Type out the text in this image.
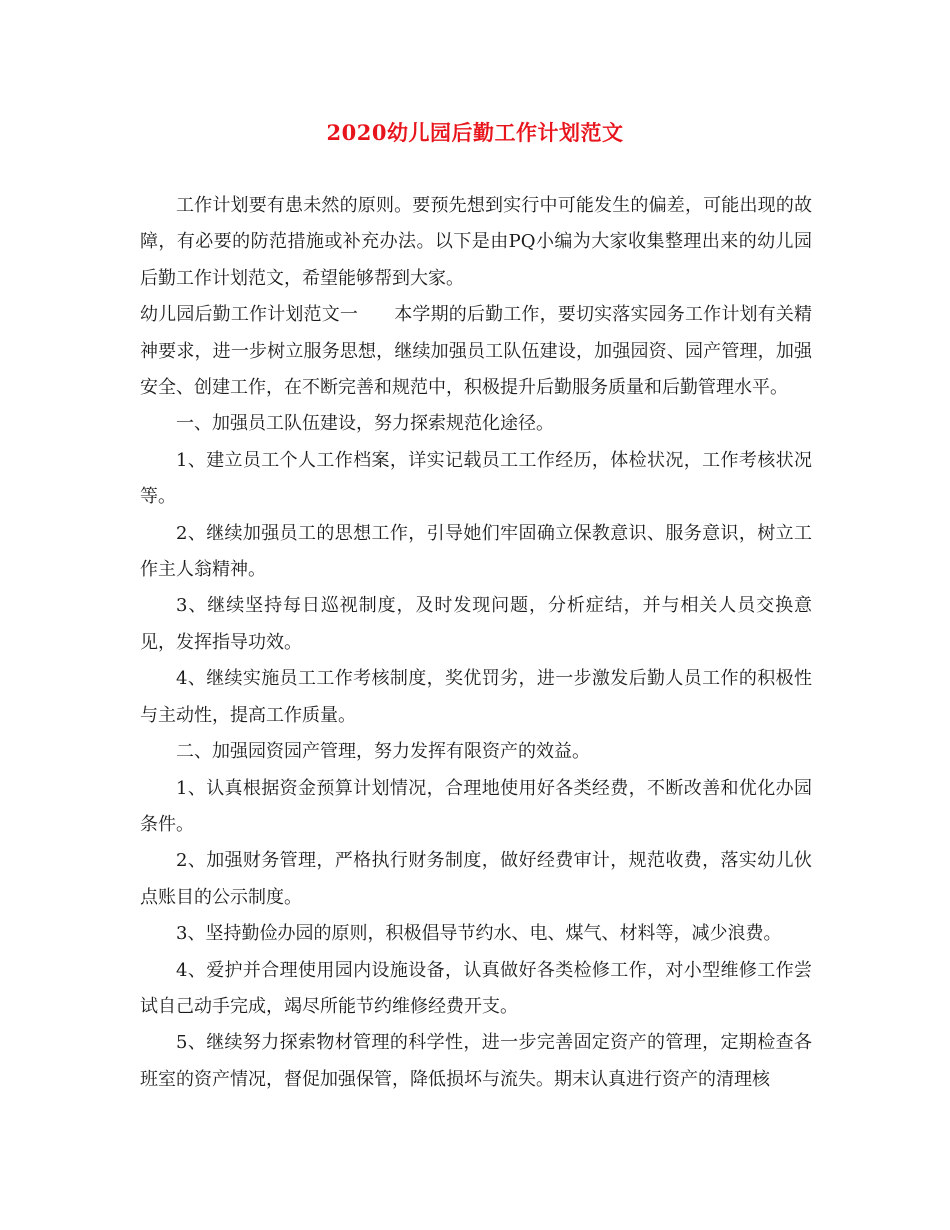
2020幼儿园后勤工作计划范文

工作计划要有患未然的原则。要预先想到实行中可能发生的偏差，可能出现的故障，有必要的防范措施或补充办法。以下是由PQ小编为大家收集整理出来的幼儿园后勤工作计划范文，希望能够帮到大家。

幼儿园后勤工作计划范文一 本学期的后勤工作，要切实落实园务工作计划有关精神要求，进一步树立服务思想，继续加强员工队伍建设，加强园资、园产管理，加强安全、创建工作，在不断完善和规范中，积极提升后勤服务质量和后勤管理水平。

一、加强员工队伍建设，努力探索规范化途径。

1、建立员工个人工作档案，详实记载员工工作经历，体检状况，工作考核状况等。

2、继续加强员工的思想工作，引导她们牢固确立保教意识、服务意识，树立工作主人翁精神。

3、继续坚持每日巡视制度，及时发现问题，分析症结，并与相关人员交换意见，发挥指导功效。

4、继续实施员工工作考核制度，奖优罚劣，进一步激发后勤人员工作的积极性与主动性，提高工作质量。

二、加强园资园产管理，努力发挥有限资产的效益。

1、认真根据资金预算计划情况，合理地使用好各类经费，不断改善和优化办园条件。

2、加强财务管理，严格执行财务制度，做好经费审计，规范收费，落实幼儿伙点账目的公示制度。

3、坚持勤俭办园的原则，积极倡导节约水、电、煤气、材料等，减少浪费。

4、爱护并合理使用园内设施设备，认真做好各类检修工作，对小型维修工作尝试自己动手完成，竭尽所能节约维修经费开支。

5、继续努力探索物材管理的科学性，进一步完善固定资产的管理，定期检查各班室的资产情况，督促加强保管，降低损坏与流失。期末认真进行资产的清理核
